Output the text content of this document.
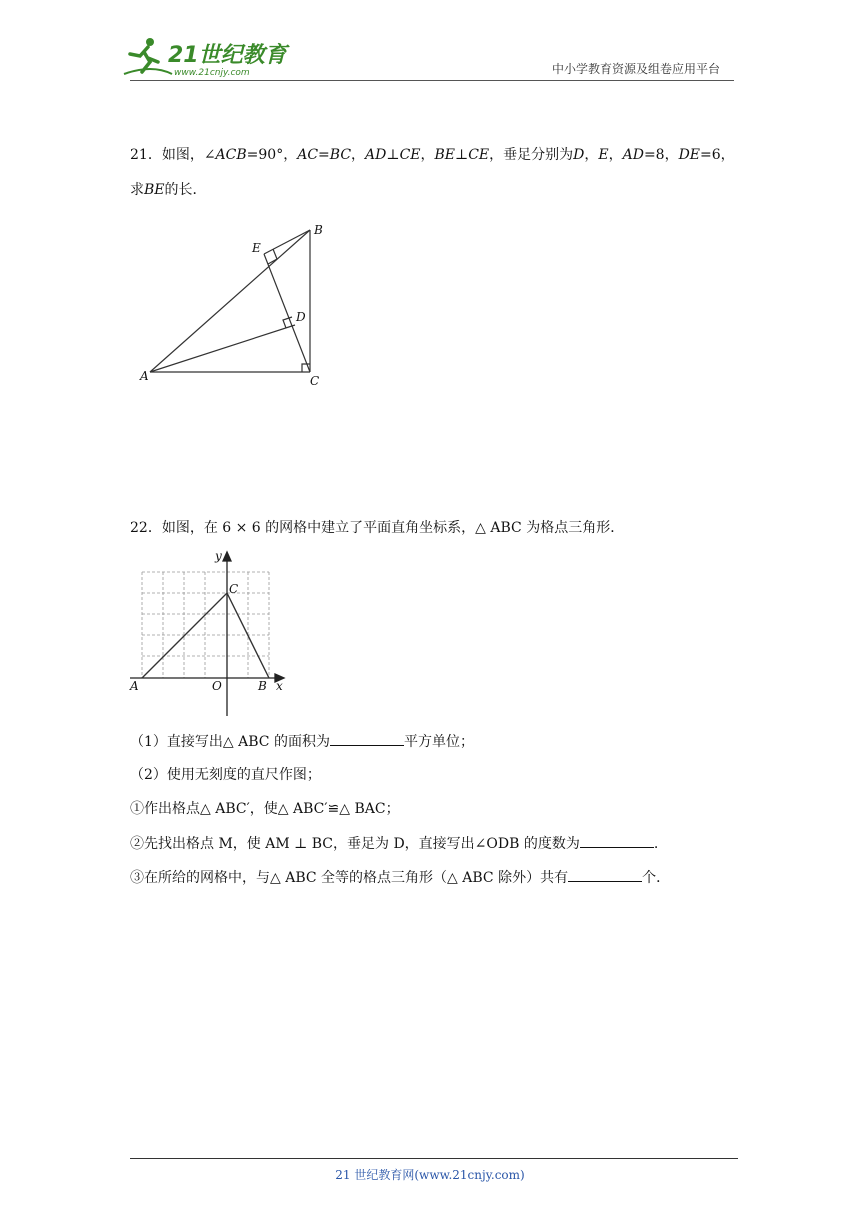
21世纪教育
www.21cnjy.com	中小学教育资源及组卷应用平台
21．如图，∠ACB=90°，AC=BC，AD⊥CE，BE⊥CE，垂足分别为D，E，AD=8，DE=6，
求BE的长．
A
B
C
D
E
22．如图，在 6 × 6 的网格中建立了平面直角坐标系，△ ABC 为格点三角形．
y
x
A	B
C
O
（1）直接写出△ ABC 的面积为	平方单位；
（2）使用无刻度的直尺作图；
①作出格点△ ABC′，使△ ABC′≌△ BAC；
②先找出格点 M，使 AM ⊥ BC，垂足为 D，直接写出∠ODB 的度数为	.
③在所给的网格中，与△ ABC 全等的格点三角形（△ ABC 除外）共有	个．
21 世纪教育网(www.21cnjy.com)
